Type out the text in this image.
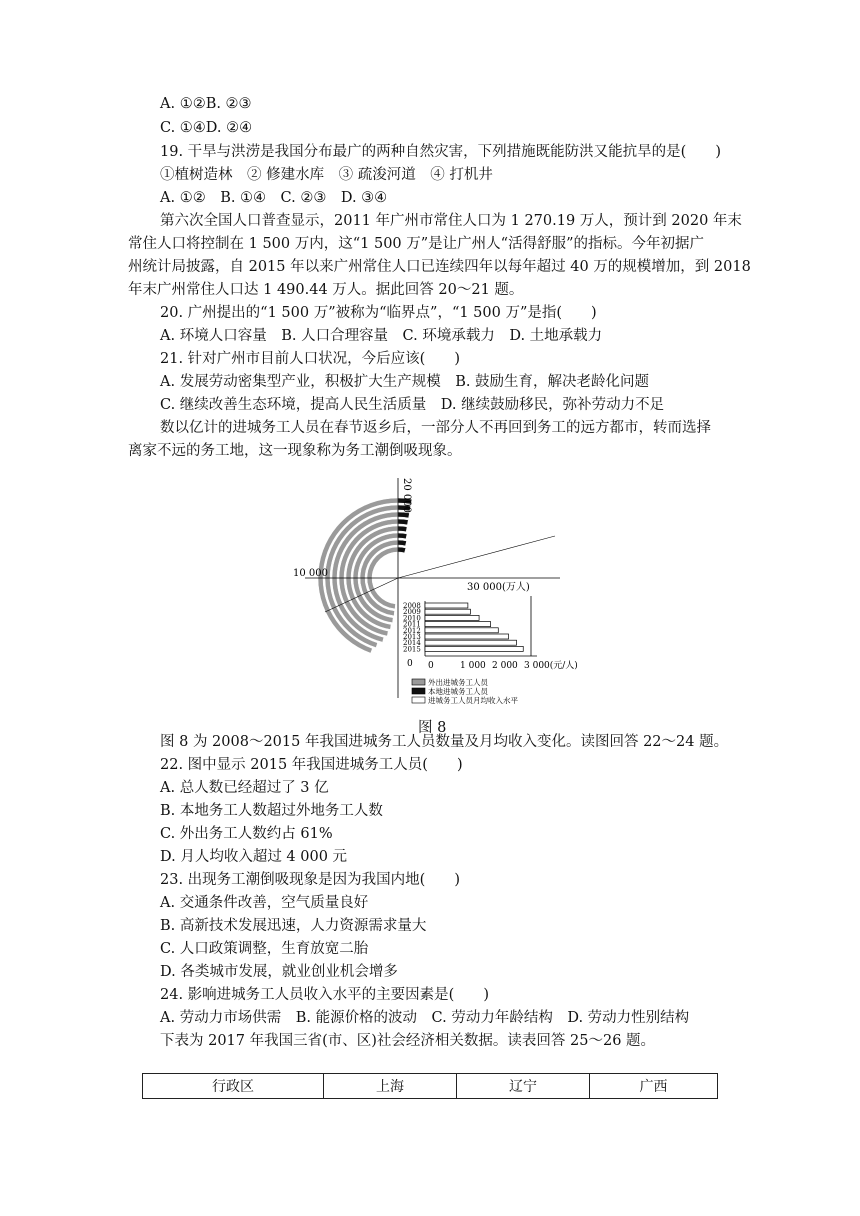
A. ①②B. ②③
C. ①④D. ②④
19. 干旱与洪涝是我国分布最广的两种自然灾害，下列措施既能防洪又能抗旱的是(　　)
①植树造林　② 修建水库　③ 疏浚河道　④ 打机井
A. ①②　B. ①④　C. ②③　D. ③④
第六次全国人口普查显示，2011 年广州市常住人口为 1 270.19 万人，预计到 2020 年末
常住人口将控制在 1 500 万内，这“1 500 万”是让广州人“活得舒服”的指标。今年初据广
州统计局披露，自 2015 年以来广州常住人口已连续四年以每年超过 40 万的规模增加，到 2018
年末广州常住人口达 1 490.44 万人。据此回答 20～21 题。
20. 广州提出的“1 500 万”被称为“临界点”，“1 500 万”是指(　　)
A. 环境人口容量　B. 人口合理容量　C. 环境承载力　D. 土地承载力
21. 针对广州市目前人口状况，今后应该(　　)
A. 发展劳动密集型产业，积极扩大生产规模　B. 鼓励生育，解决老龄化问题
C. 继续改善生态环境，提高人民生活质量　D. 继续鼓励移民，弥补劳动力不足
数以亿计的进城务工人员在春节返乡后，一部分人不再回到务工的远方都市，转而选择
离家不远的务工地，这一现象称为务工潮倒吸现象。
图 8 为 2008～2015 年我国进城务工人员数量及月均收入变化。读图回答 22～24 题。
22. 图中显示 2015 年我国进城务工人员(　　)
A. 总人数已经超过了 3 亿
B. 本地务工人数超过外地务工人数
C. 外出务工人数约占 61%
D. 月人均收入超过 4 000 元
23. 出现务工潮倒吸现象是因为我国内地(　　)
A. 交通条件改善，空气质量良好
B. 高新技术发展迅速，人力资源需求量大
C. 人口政策调整，生育放宽二胎
D. 各类城市发展，就业创业机会增多
24. 影响进城务工人员收入水平的主要因素是(　　)
A. 劳动力市场供需　B. 能源价格的波动　C. 劳动力年龄结构　D. 劳动力性别结构
下表为 2017 年我国三省(市、区)社会经济相关数据。读表回答 25～26 题。
20 000
10 000
30 000(万人)
2008
2009
2010
2011
2012
2013
2014
2015
0 0	1 000 2 000 3 000(元/人)
外出进城务工人员
本地进城务工人员
进城务工人员月均收入水平
图 8
行政区	上海	辽宁	广西
